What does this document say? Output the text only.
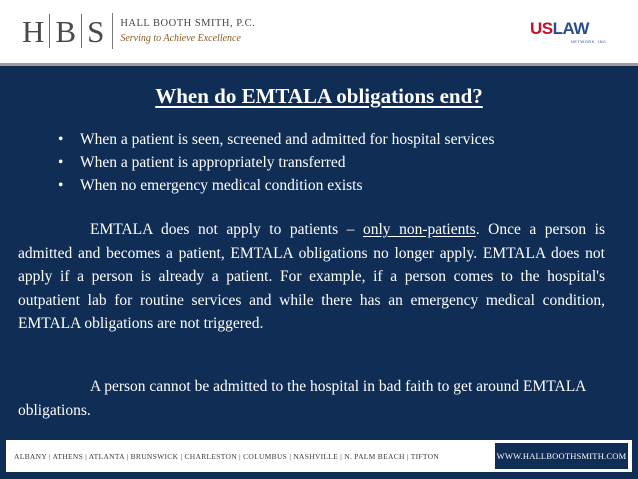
H B S HALL BOOTH SMITH, P.C.
Serving to Achieve Excellence
USLAW
NETWORK, INC.
When do EMTALA obligations end?
• When a patient is seen, screened and admitted for hospital services
• When a patient is appropriately transferred
• When no emergency medical condition exists

EMTALA does not apply to patients – only non-patients. Once a person is admitted and becomes a patient, EMTALA obligations no longer apply. EMTALA does not apply if a person is already a patient. For example, if a person comes to the hospital's outpatient lab for routine services and while there has an emergency medical condition, EMTALA obligations are not triggered.

A person cannot be admitted to the hospital in bad faith to get around EMTALA obligations.

ALBANY | ATHENS | ATLANTA | BRUNSWICK | CHARLESTON | COLUMBUS | NASHVILLE | N. PALM BEACH | TIFTON	WWW.HALLBOOTHSMITH.COM
